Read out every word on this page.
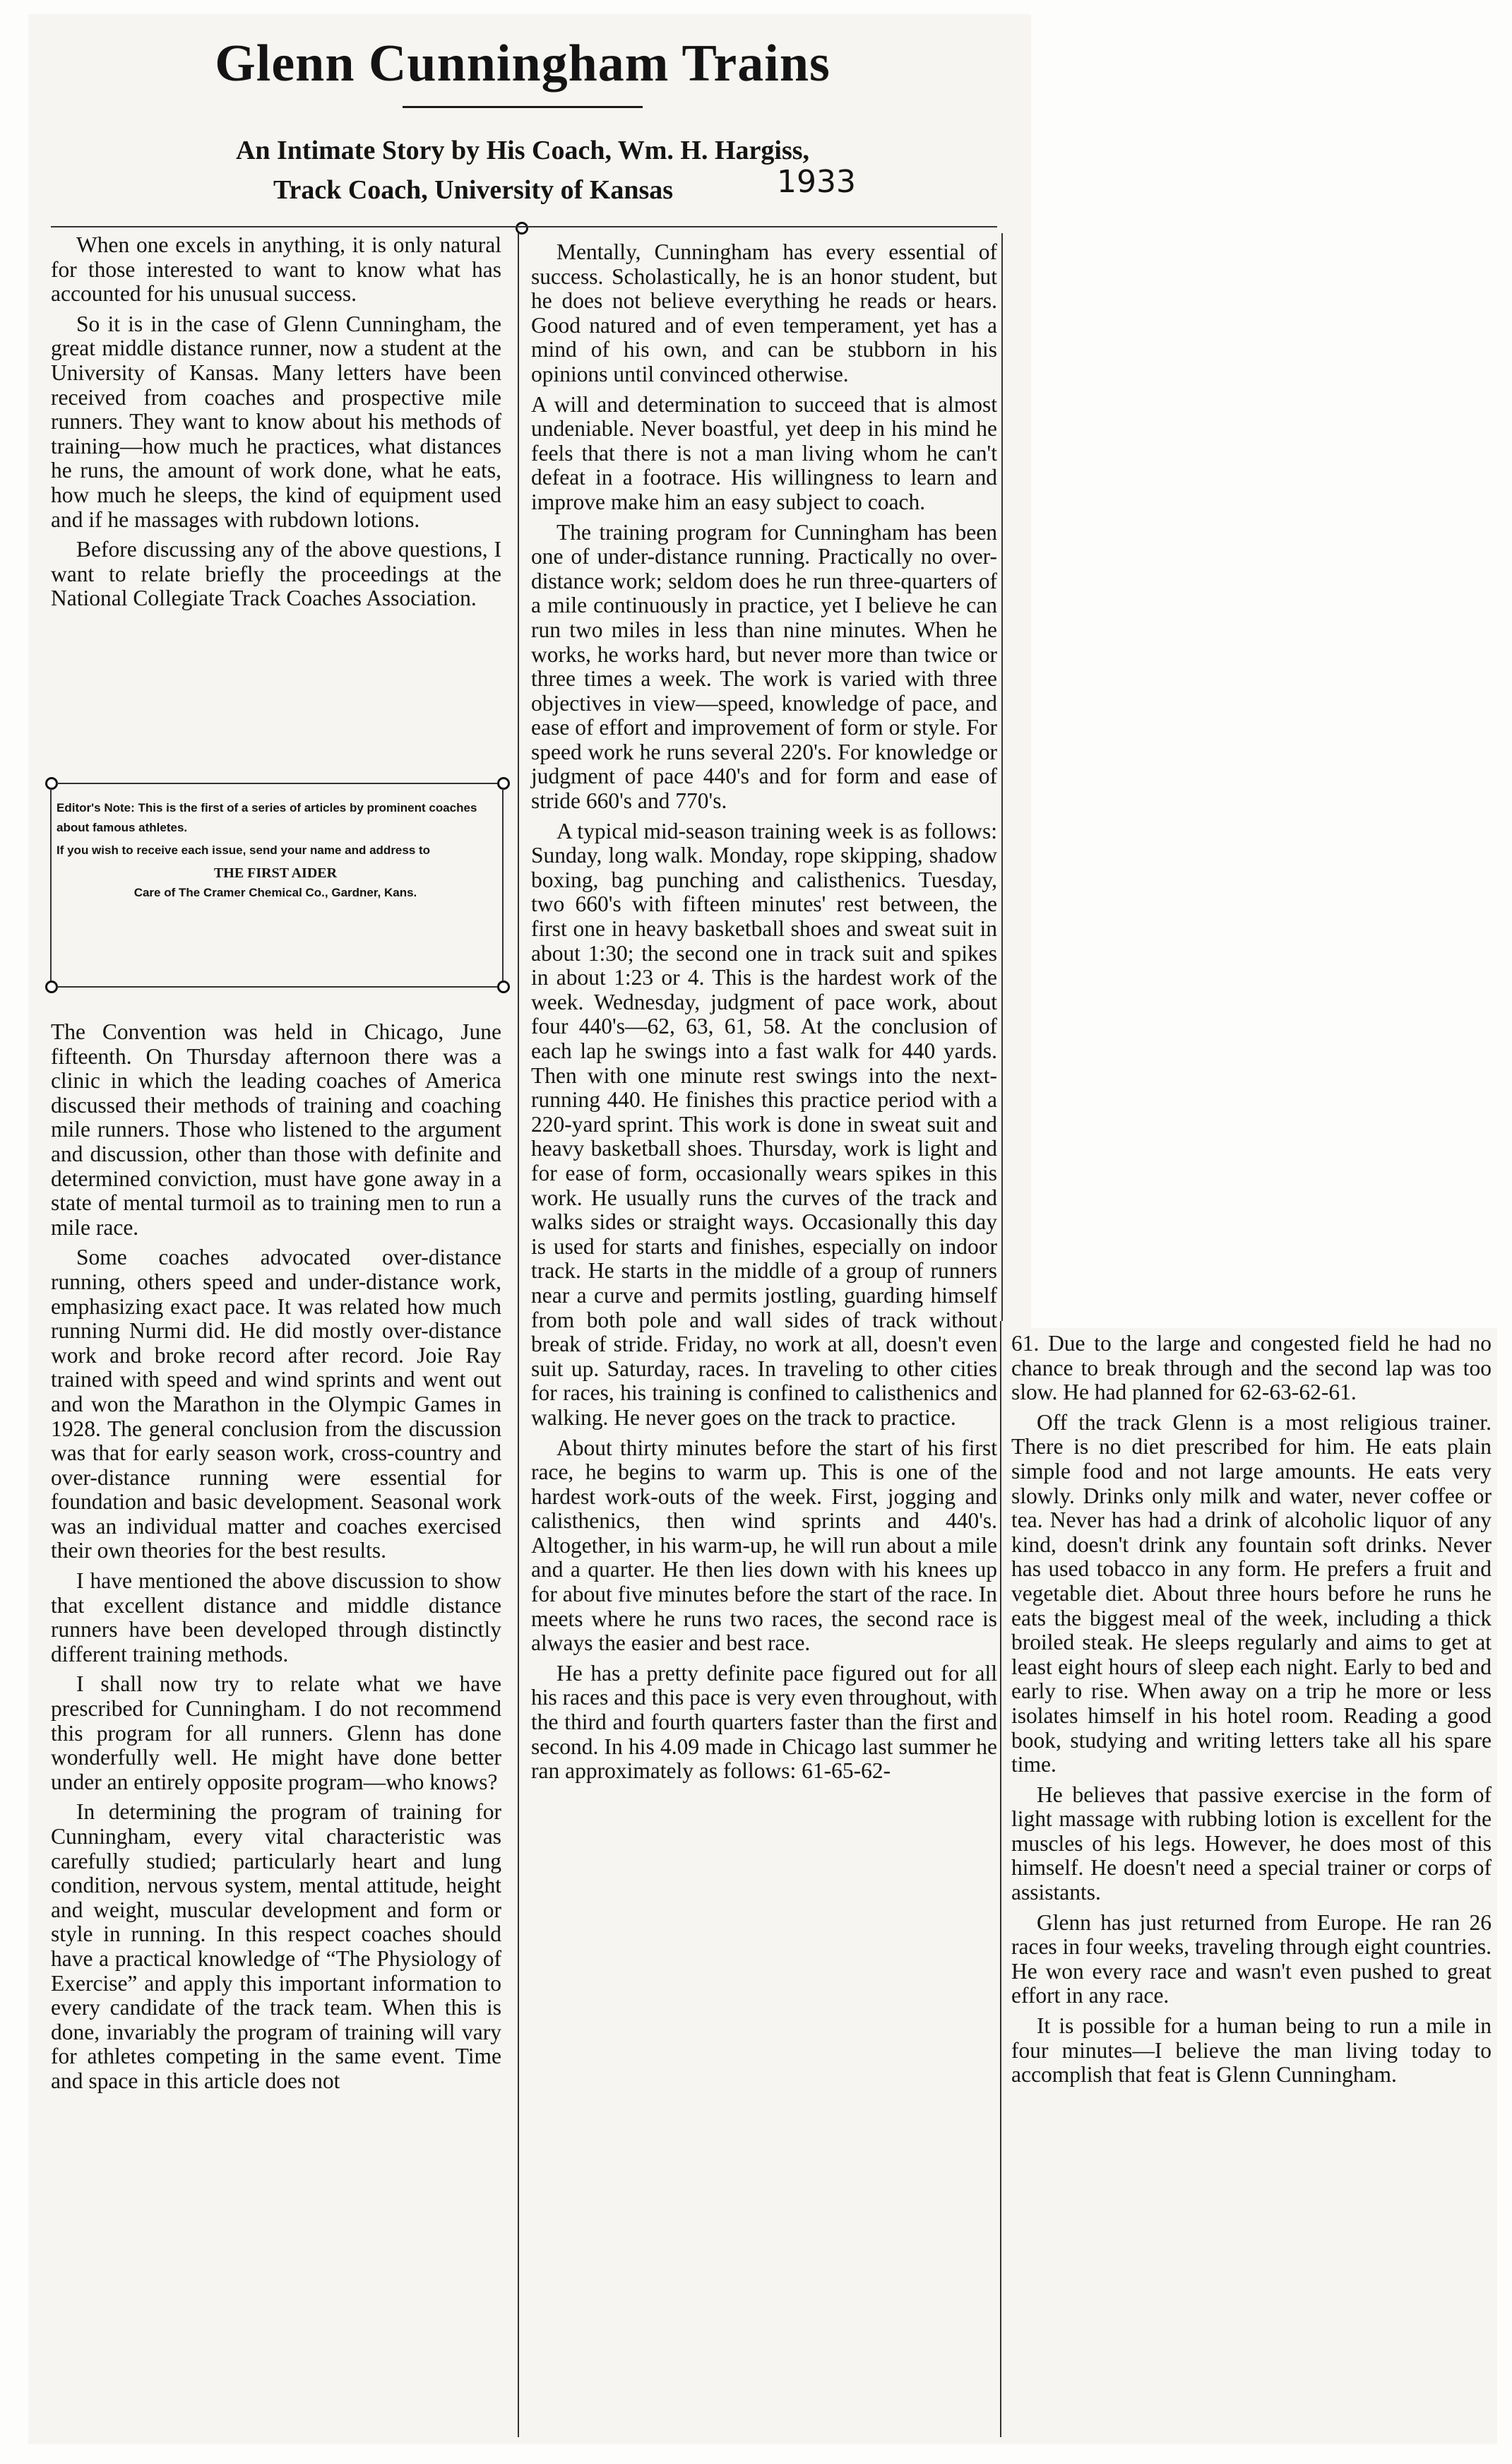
Glenn Cunningham Trains
An Intimate Story by His Coach, Wm. H. Hargiss,
Track Coach, University of Kansas	1933

When one excels in anything, it is only natural for those interested to want to know what has accounted for his unusual success.

So it is in the case of Glenn Cunningham, the great middle distance runner, now a student at the University of Kansas. Many letters have been received from coaches and prospective mile runners. They want to know about his methods of training—how much he practices, what distances he runs, the amount of work done, what he eats, how much he sleeps, the kind of equipment used and if he massages with rubdown lotions.

Before discussing any of the above questions, I want to relate briefly the proceedings at the National Collegiate Track Coaches Association.

Editor's Note: This is the first of a series of articles by prominent coaches about famous athletes.

If you wish to receive each issue, send your name and address to

THE FIRST AIDER

Care of The Cramer Chemical Co., Gardner, Kans.

The Convention was held in Chicago, June fifteenth. On Thursday afternoon there was a clinic in which the leading coaches of America discussed their methods of training and coaching mile runners. Those who listened to the argument and discussion, other than those with definite and determined conviction, must have gone away in a state of mental turmoil as to training men to run a mile race.

Some coaches advocated over-distance running, others speed and under-distance work, emphasizing exact pace. It was related how much running Nurmi did. He did mostly over-distance work and broke record after record. Joie Ray trained with speed and wind sprints and went out and won the Marathon in the Olympic Games in 1928. The general conclusion from the discussion was that for early season work, cross-country and over-distance running were essential for foundation and basic development. Seasonal work was an individual matter and coaches exercised their own theories for the best results.

I have mentioned the above discussion to show that excellent distance and middle distance runners have been developed through distinctly different training methods.

I shall now try to relate what we have prescribed for Cunningham. I do not recommend this program for all runners. Glenn has done wonderfully well. He might have done better under an entirely opposite program—who knows?

In determining the program of training for Cunningham, every vital characteristic was carefully studied; particularly heart and lung condition, nervous system, mental attitude, height and weight, muscular development and form or style in running. In this respect coaches should have a practical knowledge of “The Physiology of Exercise” and apply this important information to every candidate of the track team. When this is done, invariably the program of training will vary for athletes competing in the same event. Time and space in this article does not

Mentally, Cunningham has every essential of success. Scholastically, he is an honor student, but he does not believe everything he reads or hears. Good natured and of even temperament, yet has a mind of his own, and can be stubborn in his opinions until convinced otherwise.

A will and determination to succeed that is almost undeniable. Never boastful, yet deep in his mind he feels that there is not a man living whom he can't defeat in a footrace. His willingness to learn and improve make him an easy subject to coach.

The training program for Cunningham has been one of under-distance running. Practically no over-distance work; seldom does he run three-quarters of a mile continuously in practice, yet I believe he can run two miles in less than nine minutes. When he works, he works hard, but never more than twice or three times a week. The work is varied with three objectives in view—speed, knowledge of pace, and ease of effort and improvement of form or style. For speed work he runs several 220's. For knowledge or judgment of pace 440's and for form and ease of stride 660's and 770's.

A typical mid-season training week is as follows: Sunday, long walk. Monday, rope skipping, shadow boxing, bag punching and calisthenics. Tuesday, two 660's with fifteen minutes' rest between, the first one in heavy basketball shoes and sweat suit in about 1:30; the second one in track suit and spikes in about 1:23 or 4. This is the hardest work of the week. Wednesday, judgment of pace work, about four 440's—62, 63, 61, 58. At the conclusion of each lap he swings into a fast walk for 440 yards. Then with one minute rest swings into the next-running 440. He finishes this practice period with a 220-yard sprint. This work is done in sweat suit and heavy basketball shoes. Thursday, work is light and for ease of form, occasionally wears spikes in this work. He usually runs the curves of the track and walks sides or straight ways. Occasionally this day is used for starts and finishes, especially on indoor track. He starts in the middle of a group of runners near a curve and permits jostling, guarding himself from both pole and wall sides of track without break of stride. Friday, no work at all, doesn't even suit up. Saturday, races. In traveling to other cities for races, his training is confined to calisthenics and walking. He never goes on the track to practice.

About thirty minutes before the start of his first race, he begins to warm up. This is one of the hardest work-outs of the week. First, jogging and calisthenics, then wind sprints and 440's. Altogether, in his warm-up, he will run about a mile and a quarter. He then lies down with his knees up for about five minutes before the start of the race. In meets where he runs two races, the second race is always the easier and best race.

He has a pretty definite pace figured out for all his races and this pace is very even throughout, with the third and fourth quarters faster than the first and second. In his 4.09 made in Chicago last summer he ran approximately as follows: 61-65-62-

61. Due to the large and congested field he had no chance to break through and the second lap was too slow. He had planned for 62-63-62-61.

Off the track Glenn is a most religious trainer. There is no diet prescribed for him. He eats plain simple food and not large amounts. He eats very slowly. Drinks only milk and water, never coffee or tea. Never has had a drink of alcoholic liquor of any kind, doesn't drink any fountain soft drinks. Never has used tobacco in any form. He prefers a fruit and vegetable diet. About three hours before he runs he eats the biggest meal of the week, including a thick broiled steak. He sleeps regularly and aims to get at least eight hours of sleep each night. Early to bed and early to rise. When away on a trip he more or less isolates himself in his hotel room. Reading a good book, studying and writing letters take all his spare time.

He believes that passive exercise in the form of light massage with rubbing lotion is excellent for the muscles of his legs. However, he does most of this himself. He doesn't need a special trainer or corps of assistants.

Glenn has just returned from Europe. He ran 26 races in four weeks, traveling through eight countries. He won every race and wasn't even pushed to great effort in any race.

It is possible for a human being to run a mile in four minutes—I believe the man living today to accomplish that feat is Glenn Cunningham.
